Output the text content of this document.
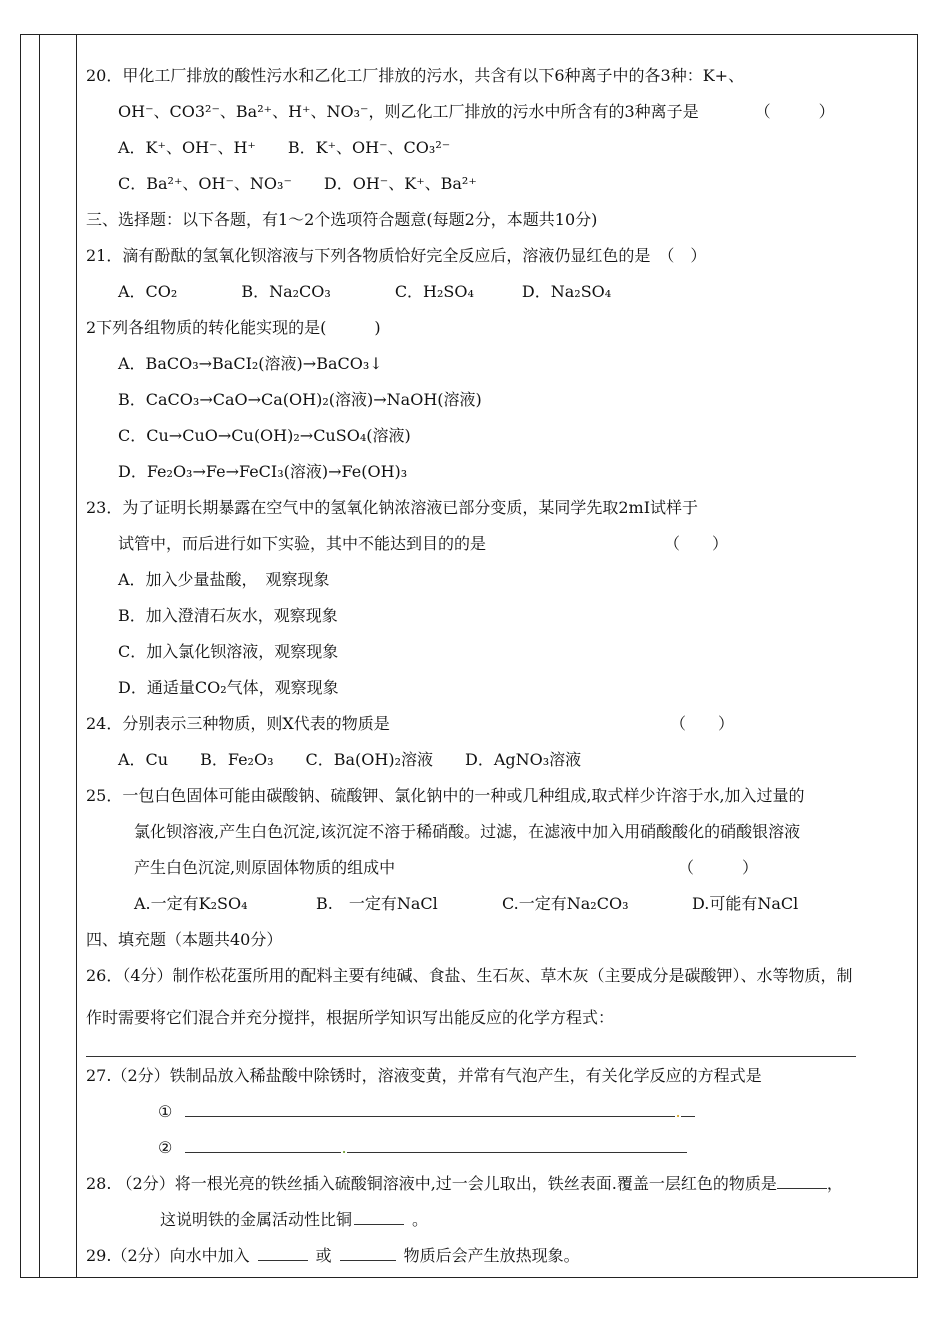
20．甲化工厂排放的酸性污水和乙化工厂排放的污水，共含有以下6种离子中的各3种：K+、
OH⁻、CO3²⁻、Ba²⁺、H⁺、NO₃⁻，则乙化工厂排放的污水中所含有的3种离子是　　　　（　　　）
A．K⁺、OH⁻、H⁺　　B．K⁺、OH⁻、CO₃²⁻
C．Ba²⁺、OH⁻、NO₃⁻　　D．OH⁻、K⁺、Ba²⁺
三、选择题：以下各题，有1～2个选项符合题意(每题2分，本题共10分)
21．滴有酚酞的氢氧化钡溶液与下列各物质恰好完全反应后，溶液仍显红色的是　（　）
A．CO₂　　　　B．Na₂CO₃　　　　C．H₂SO₄　　　D．Na₂SO₄
2下列各组物质的转化能实现的是(　　　)
A．BaCO₃→BaCI₂(溶液)→BaCO₃↓
B．CaCO₃→CaO→Ca(OH)₂(溶液)→NaOH(溶液)
C．Cu→CuO→Cu(OH)₂→CuSO₄(溶液)
D．Fe₂O₃→Fe→FeCI₃(溶液)→Fe(OH)₃
23．为了证明长期暴露在空气中的氢氧化钠浓溶液已部分变质，某同学先取2mI试样于
试管中，而后进行如下实验，其中不能达到目的的是	（　　）
A．加入少量盐酸，　观察现象
B．加入澄清石灰水，观察现象
C．加入氯化钡溶液，观察现象
D．通适量CO₂气体，观察现象
24．分别表示三种物质，则X代表的物质是	（　　）
A．Cu　　B．Fe₂O₃　　C．Ba(OH)₂溶液　　D．AgNO₃溶液
25．一包白色固体可能由碳酸钠、硫酸钾、氯化钠中的一种或几种组成,取式样少许溶于水,加入过量的
氯化钡溶液,产生白色沉淀,该沉淀不溶于稀硝酸。过滤，在滤液中加入用硝酸酸化的硝酸银溶液
产生白色沉淀,则原固体物质的组成中	（　　　）
A.一定有K₂SO₄	B.　一定有NaCl	C.一定有Na₂CO₃	D.可能有NaCl
四、填充题（本题共40分）
26．（4分）制作松花蛋所用的配料主要有纯碱、食盐、生石灰、草木灰（主要成分是碳酸钾）、水等物质，制
作时需要将它们混合并充分搅拌，根据所学知识写出能反应的化学方程式：
27.（2分）铁制品放入稀盐酸中除锈时，溶液变黄，并常有气泡产生，有关化学反应的方程式是
①	.
②	.
28. （2分）将一根光亮的铁丝插入硫酸铜溶液中,过一会儿取出，铁丝表面.覆盖一层红色的物质是	，
这说明铁的金属活动性比铜	。
29.（2分）向水中加入	或	物质后会产生放热现象。
